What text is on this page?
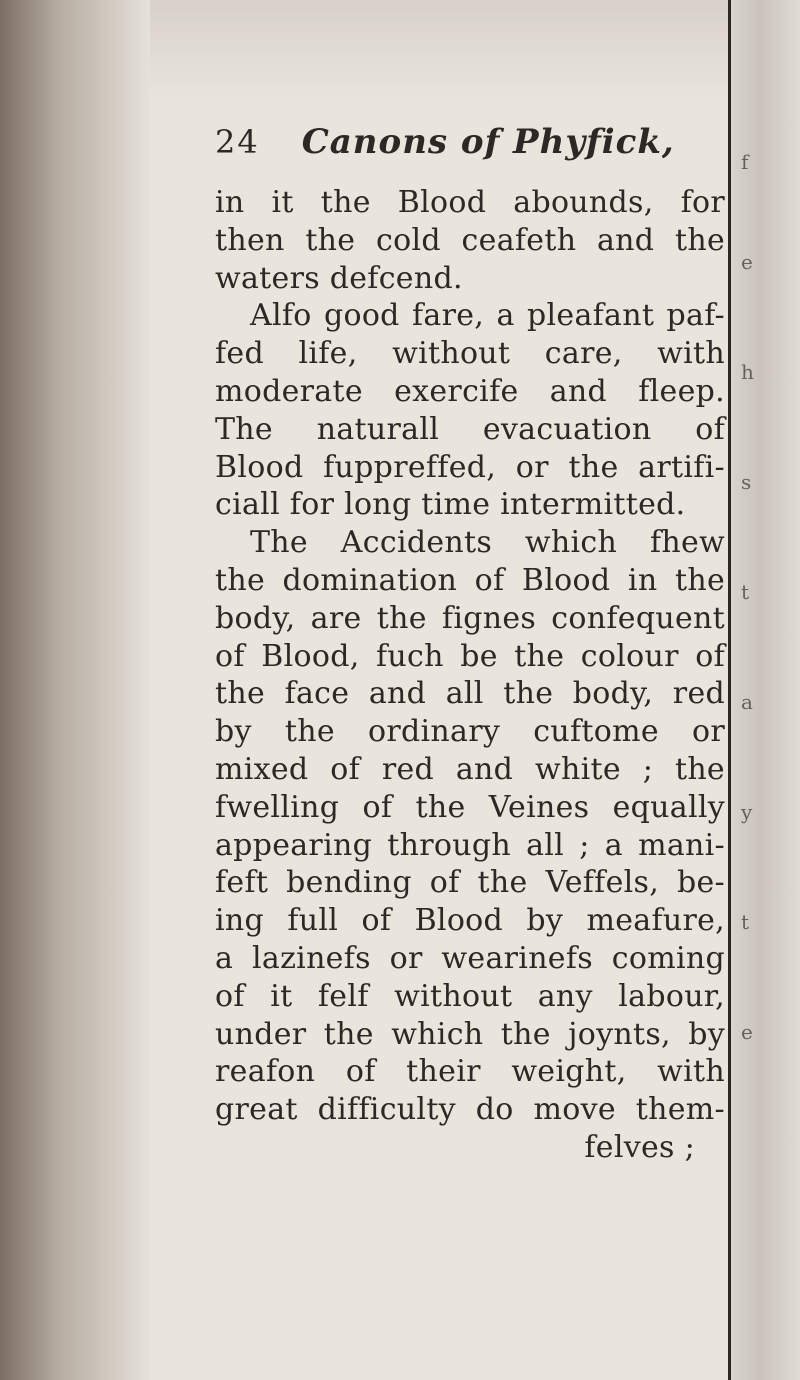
f
e
h
s
t
a
y
t
e
24 Canons of Phyfick,
in it the Blood abounds, for
then the cold ceafeth and the
waters defcend.
Alfo good fare, a pleafant paf-
fed life, without care, with
moderate exercife and fleep.
The naturall evacuation of
Blood fuppreffed, or the artifi-
ciall for long time intermitted.
The Accidents which fhew
the domination of Blood in the
body, are the fignes confequent
of Blood, fuch be the colour of
the face and all the body, red
by the ordinary cuftome or
mixed of red and white ; the
fwelling of the Veines equally
appearing through all ; a mani-
feft bending of the Veffels, be-
ing full of Blood by meafure,
a lazinefs or wearinefs coming
of it felf without any labour,
under the which the joynts, by
reafon of their weight, with
great difficulty do move them-
felves ;
